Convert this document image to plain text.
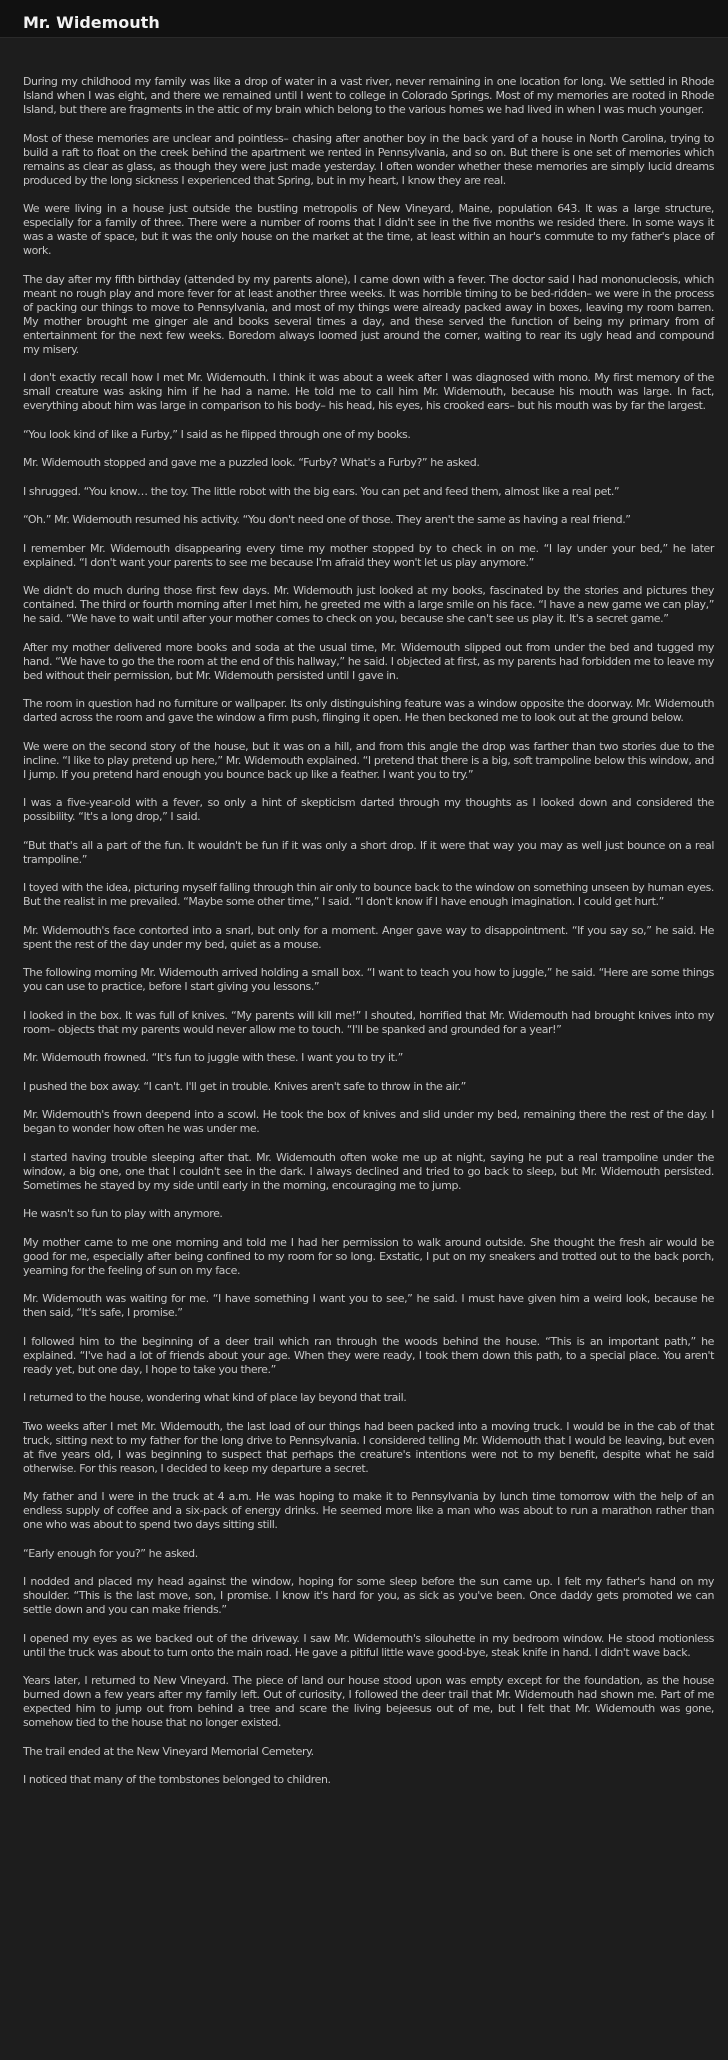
Mr. Widemouth

During my childhood my family was like a drop of water in a vast river, never remaining in one location for long. We settled in Rhode Island when I was eight, and there we remained until I went to college in Colorado Springs. Most of my memories are rooted in Rhode Island, but there are fragments in the attic of my brain which belong to the various homes we had lived in when I was much younger.

Most of these memories are unclear and pointless– chasing after another boy in the back yard of a house in North Carolina, trying to build a raft to float on the creek behind the apartment we rented in Pennsylvania, and so on. But there is one set of memories which remains as clear as glass, as though they were just made yesterday. I often wonder whether these memories are simply lucid dreams produced by the long sickness I experienced that Spring, but in my heart, I know they are real.

We were living in a house just outside the bustling metropolis of New Vineyard, Maine, population 643. It was a large structure, especially for a family of three. There were a number of rooms that I didn't see in the five months we resided there. In some ways it was a waste of space, but it was the only house on the market at the time, at least within an hour's commute to my father's place of work.

The day after my fifth birthday (attended by my parents alone), I came down with a fever. The doctor said I had mononucleosis, which meant no rough play and more fever for at least another three weeks. It was horrible timing to be bed-ridden– we were in the process of packing our things to move to Pennsylvania, and most of my things were already packed away in boxes, leaving my room barren. My mother brought me ginger ale and books several times a day, and these served the function of being my primary from of entertainment for the next few weeks. Boredom always loomed just around the corner, waiting to rear its ugly head and compound my misery.

I don't exactly recall how I met Mr. Widemouth. I think it was about a week after I was diagnosed with mono. My first memory of the small creature was asking him if he had a name. He told me to call him Mr. Widemouth, because his mouth was large. In fact, everything about him was large in comparison to his body– his head, his eyes, his crooked ears– but his mouth was by far the largest.

“You look kind of like a Furby,” I said as he flipped through one of my books.

Mr. Widemouth stopped and gave me a puzzled look. “Furby? What's a Furby?” he asked.

I shrugged. “You know… the toy. The little robot with the big ears. You can pet and feed them, almost like a real pet.”

“Oh.” Mr. Widemouth resumed his activity. “You don't need one of those. They aren't the same as having a real friend.”

I remember Mr. Widemouth disappearing every time my mother stopped by to check in on me. “I lay under your bed,” he later explained. “I don't want your parents to see me because I'm afraid they won't let us play anymore.”

We didn't do much during those first few days. Mr. Widemouth just looked at my books, fascinated by the stories and pictures they contained. The third or fourth morning after I met him, he greeted me with a large smile on his face. “I have a new game we can play,” he said. “We have to wait until after your mother comes to check on you, because she can't see us play it. It's a secret game.”

After my mother delivered more books and soda at the usual time, Mr. Widemouth slipped out from under the bed and tugged my hand. “We have to go the the room at the end of this hallway,” he said. I objected at first, as my parents had forbidden me to leave my bed without their permission, but Mr. Widemouth persisted until I gave in.

The room in question had no furniture or wallpaper. Its only distinguishing feature was a window opposite the doorway. Mr. Widemouth darted across the room and gave the window a firm push, flinging it open. He then beckoned me to look out at the ground below.

We were on the second story of the house, but it was on a hill, and from this angle the drop was farther than two stories due to the incline. “I like to play pretend up here,” Mr. Widemouth explained. “I pretend that there is a big, soft trampoline below this window, and I jump. If you pretend hard enough you bounce back up like a feather. I want you to try.”

I was a five-year-old with a fever, so only a hint of skepticism darted through my thoughts as I looked down and considered the possibility. “It's a long drop,” I said.

“But that's all a part of the fun. It wouldn't be fun if it was only a short drop. If it were that way you may as well just bounce on a real trampoline.”

I toyed with the idea, picturing myself falling through thin air only to bounce back to the window on something unseen by human eyes. But the realist in me prevailed. “Maybe some other time,” I said. “I don't know if I have enough imagination. I could get hurt.”

Mr. Widemouth's face contorted into a snarl, but only for a moment. Anger gave way to disappointment. “If you say so,” he said. He spent the rest of the day under my bed, quiet as a mouse.

The following morning Mr. Widemouth arrived holding a small box. “I want to teach you how to juggle,” he said. “Here are some things you can use to practice, before I start giving you lessons.”

I looked in the box. It was full of knives. “My parents will kill me!” I shouted, horrified that Mr. Widemouth had brought knives into my room– objects that my parents would never allow me to touch. “I'll be spanked and grounded for a year!”

Mr. Widemouth frowned. “It's fun to juggle with these. I want you to try it.”

I pushed the box away. “I can't. I'll get in trouble. Knives aren't safe to throw in the air.”

Mr. Widemouth's frown deepend into a scowl. He took the box of knives and slid under my bed, remaining there the rest of the day. I began to wonder how often he was under me.

I started having trouble sleeping after that. Mr. Widemouth often woke me up at night, saying he put a real trampoline under the window, a big one, one that I couldn't see in the dark. I always declined and tried to go back to sleep, but Mr. Widemouth persisted. Sometimes he stayed by my side until early in the morning, encouraging me to jump.

He wasn't so fun to play with anymore.

My mother came to me one morning and told me I had her permission to walk around outside. She thought the fresh air would be good for me, especially after being confined to my room for so long. Exstatic, I put on my sneakers and trotted out to the back porch, yearning for the feeling of sun on my face.

Mr. Widemouth was waiting for me. “I have something I want you to see,” he said. I must have given him a weird look, because he then said, “It's safe, I promise.”

I followed him to the beginning of a deer trail which ran through the woods behind the house. “This is an important path,” he explained. “I've had a lot of friends about your age. When they were ready, I took them down this path, to a special place. You aren't ready yet, but one day, I hope to take you there.”

I returned to the house, wondering what kind of place lay beyond that trail.

Two weeks after I met Mr. Widemouth, the last load of our things had been packed into a moving truck. I would be in the cab of that truck, sitting next to my father for the long drive to Pennsylvania. I considered telling Mr. Widemouth that I would be leaving, but even at five years old, I was beginning to suspect that perhaps the creature's intentions were not to my benefit, despite what he said otherwise. For this reason, I decided to keep my departure a secret.

My father and I were in the truck at 4 a.m. He was hoping to make it to Pennsylvania by lunch time tomorrow with the help of an endless supply of coffee and a six-pack of energy drinks. He seemed more like a man who was about to run a marathon rather than one who was about to spend two days sitting still.

“Early enough for you?” he asked.

I nodded and placed my head against the window, hoping for some sleep before the sun came up. I felt my father's hand on my shoulder. “This is the last move, son, I promise. I know it's hard for you, as sick as you've been. Once daddy gets promoted we can settle down and you can make friends.”

I opened my eyes as we backed out of the driveway. I saw Mr. Widemouth's silouhette in my bedroom window. He stood motionless until the truck was about to turn onto the main road. He gave a pitiful little wave good-bye, steak knife in hand. I didn't wave back.

Years later, I returned to New Vineyard. The piece of land our house stood upon was empty except for the foundation, as the house burned down a few years after my family left. Out of curiosity, I followed the deer trail that Mr. Widemouth had shown me. Part of me expected him to jump out from behind a tree and scare the living bejeesus out of me, but I felt that Mr. Widemouth was gone, somehow tied to the house that no longer existed.

The trail ended at the New Vineyard Memorial Cemetery.

I noticed that many of the tombstones belonged to children.
